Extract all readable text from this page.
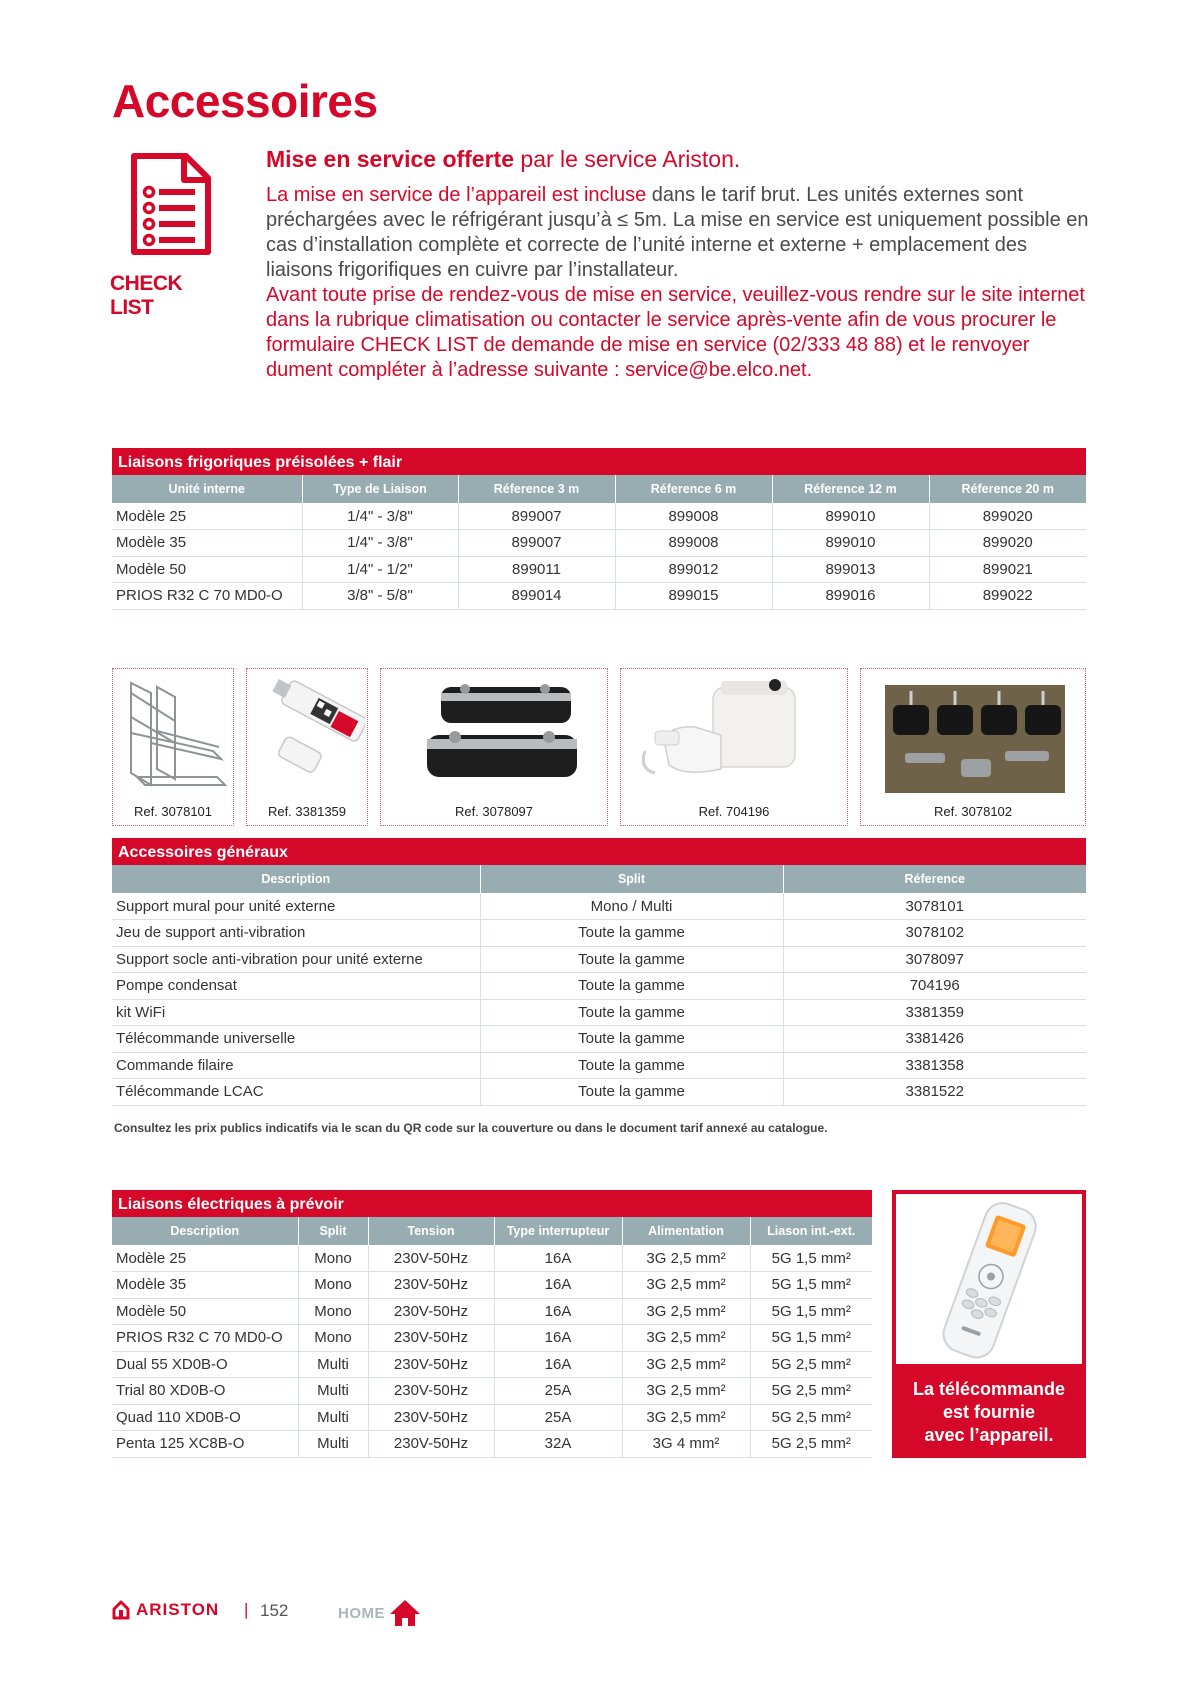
Accessoires
CHECK LIST
Mise en service offerte par le service Ariston.
La mise en service de l’appareil est incluse dans le tarif brut. Les unités externes sont préchargées avec le réfrigérant jusqu’à ≤ 5m. La mise en service est uniquement possible en cas d’installation complète et correcte de l’unité interne et externe + emplacement des liaisons frigorifiques en cuivre par l’installateur.
Avant toute prise de rendez-vous de mise en service, veuillez-vous rendre sur le site internet dans la rubrique climatisation ou contacter le service après-vente afin de vous procurer le formulaire CHECK LIST de demande de mise en service (02/333 48 88) et le renvoyer dument compléter à l’adresse suivante : service@be.elco.net.
Liaisons frigoriques préisolées + flair
Unité interne	Type de Liaison	Réference 3 m	Réference 6 m	Réference 12 m	Réference 20 m
Modèle 25	1/4" - 3/8"	899007	899008	899010	899020
Modèle 35	1/4" - 3/8"	899007	899008	899010	899020
Modèle 50	1/4" - 1/2"	899011	899012	899013	899021
PRIOS R32 C 70 MD0-O	3/8" - 5/8"	899014	899015	899016	899022
Ref. 3078101	Ref. 3381359	Ref. 3078097	Ref. 704196	Ref. 3078102
Accessoires généraux
Description	Split	Réference
Support mural pour unité externe	Mono / Multi	3078101
Jeu de support anti-vibration	Toute la gamme	3078102
Support socle anti-vibration pour unité externe	Toute la gamme	3078097
Pompe condensat	Toute la gamme	704196
kit WiFi	Toute la gamme	3381359
Télécommande universelle	Toute la gamme	3381426
Commande filaire	Toute la gamme	3381358
Télécommande LCAC	Toute la gamme	3381522
Consultez les prix publics indicatifs via le scan du QR code sur la couverture ou dans le document tarif annexé au catalogue.
Liaisons électriques à prévoir
Description	Split	Tension	Type interrupteur	Alimentation	Liason int.-ext.
Modèle 25	Mono	230V-50Hz	16A	3G 2,5 mm²	5G 1,5 mm²
Modèle 35	Mono	230V-50Hz	16A	3G 2,5 mm²	5G 1,5 mm²
Modèle 50	Mono	230V-50Hz	16A	3G 2,5 mm²	5G 1,5 mm²
PRIOS R32 C 70 MD0-O	Mono	230V-50Hz	16A	3G 2,5 mm²	5G 1,5 mm²
Dual 55 XD0B-O	Multi	230V-50Hz	16A	3G 2,5 mm²	5G 2,5 mm²
Trial 80 XD0B-O	Multi	230V-50Hz	25A	3G 2,5 mm²	5G 2,5 mm²
Quad 110 XD0B-O	Multi	230V-50Hz	25A	3G 2,5 mm²	5G 2,5 mm²
Penta 125 XC8B-O	Multi	230V-50Hz	32A	3G 4 mm²	5G 2,5 mm²
La télécommande
est fournie
avec l’appareil.
ARISTON | 152	HOME
